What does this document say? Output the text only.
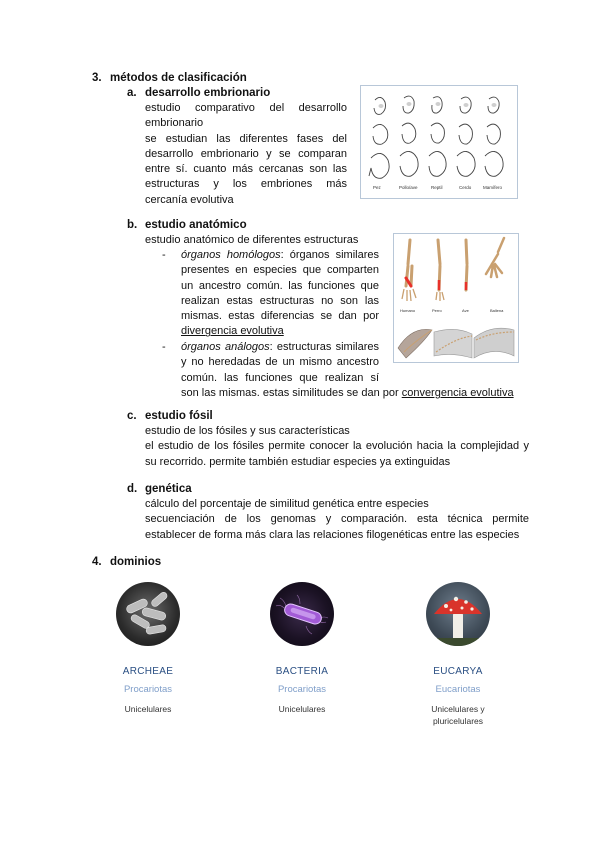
3. métodos de clasificación
a. desarrollo embrionario
estudio comparativo del desarrollo
embrionario
se estudian las diferentes fases del
desarrollo embrionario y se comparan
entre sí. cuanto más cercanas son las
estructuras y los embriones más
cercanía evolutiva
Pez	Pollo/ave	Reptil	Cerdo	Mamífero
b. estudio anatómico
estudio anatómico de diferentes estructuras
- órganos homólogos: órganos similares
presentes en especies que comparten
un ancestro común. las funciones que
realizan estas estructuras no son las
mismas. estas diferencias se dan por
divergencia evolutiva
- órganos análogos: estructuras similares
y no heredadas de un mismo ancestro
común. las funciones que realizan sí
son las mismas. estas similitudes se dan por convergencia evolutiva
Humano	Perro	Ave	Ballena
c. estudio fósil
estudio de los fósiles y sus características
el estudio de los fósiles permite conocer la evolución hacia la complejidad y
su recorrido. permite también estudiar especies ya extinguidas
d. genética
cálculo del porcentaje de similitud genética entre especies
secuenciación de los genomas y comparación. esta técnica permite
establecer de forma más clara las relaciones filogenéticas entre las especies
4. dominios
ARCHEAE
Procariotas
Unicelulares
BACTERIA
Procariotas
Unicelulares
EUCARYA
Eucariotas
Unicelulares y
pluricelulares
